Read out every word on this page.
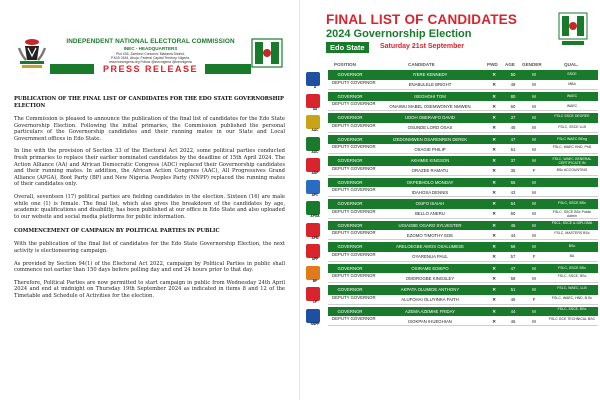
INDEPENDENT NATIONAL ELECTORAL COMMISSION
INEC - HEADQUARTERS
Plot 436, Zambezi Crescent, Maitama District,
P.M.B 0184, Abuja, Federal Capital Territory, Nigeria.
www.inecnigeria.org Follow @inecnigeria @inecnigeria
PRESS RELEASE
PUBLICATION OF THE FINAL LIST OF CANDIDATES FOR THE EDO STATE GOVERNORSHIP ELECTION

The Commission is pleased to announce the publication of the final list of candidates for the Edo State Governorship Election. Following the initial primaries, the Commission published the personal particulars of the Governorship candidates and their running mates in our State and Local Government offices in Edo State.

In line with the provision of Section 33 of the Electoral Act 2022, some political parties conducted fresh primaries to replace their earlier nominated candidates by the deadline of 15th April 2024. The Action Alliance (AA) and African Democratic Congress (ADC) replaced their Governorship candidates and their running mates. In addition, the African Action Congress (AAC), All Progressives Grand Alliance (APGA), Boot Party (BP) and New Nigeria Peoples Party (NNPP) replaced the running mates of their candidates only.

Overall, seventeen (17) political parties are fielding candidates in the election. Sixteen (16) are male while one (1) is female. The final list, which also gives the breakdown of the candidates by age, academic qualifications and disability, has been published at our office in Edo State and also uploaded to our website and social media platforms for public information.

COMMENCEMENT OF CAMPAIGN BY POLITICAL PARTIES IN PUBLIC

With the publication of the final list of candidates for the Edo State Governorship Election, the next activity is electioneering campaign.

As provided by Section 94(1) of the Electoral Act 2022, campaign by Political Parties in public shall commence not earlier than 150 days before polling day and end 24 hours prior to that day.

Therefore, Political Parties are now permitted to start campaign in public from Wednesday 24th April 2024 and end at midnight on Thursday 19th September 2024 as indicated in items 8 and 12 of the Timetable and Schedule of Activities for the election.

FINAL LIST OF CANDIDATES
2024 Governorship Election
Edo State	Saturday 21st September
POSITION	CANDIDATE	PWD AGE GENDER	QUAL.
A
GOVERNOR	IYERE KENNEDY	✕	50	M	SSCE
DEPUTY GOVERNOR	ENABULELE BRIGHT	✕	49	M	MBA
AA
GOVERNOR	ISEGHOHI TOM	✕	80	M	WAEC
DEPUTY GOVERNOR	ONAIWU MABEL OSEMWONYE NMWEN	✕	60	M	WAEC
AAC
GOVERNOR	UDOH OBERAIFO DAVID	✕	37	M	FSLC SSCE DEGREE
DEPUTY GOVERNOR	OSUNDE LORD OSAS	✕	45	M	FSLC, SSCE LLB
ADC
GOVERNOR	IZEDONMWEN OSARENREN DEREK	✕	47	M	FSLC WAEC BEng
DEPUTY GOVERNOR	OSAGIE PHILIP	✕	61	M	FSLC, WAEC HND, PhD
ADP
GOVERNOR	AKHIMIE KINGSON	✕	37	M	FSLC, WAEC GENERAL CERTIFICATE IN
DEPUTY GOVERNOR	ORAZEE RAMATU	✕	35	F	BSc ACCOUNTING
APC
GOVERNOR	OKPEBHOLO MONDAY	✕	55	M
DEPUTY GOVERNOR	IDAHOSA DENNIS	✕	43	M
APGA
GOVERNOR	OSIFO ISAIAH	✕	64	M	FSLC, SSCE BSc
DEPUTY GOVERNOR	BELLO ANERU	✕	60	M	FSLC, SSCE BSc Public Admin
APM
GOVERNOR	UGIAGBE OGARO SYLVESTER	✕	45	M	FSCL, SSCE & DIPLOMA
DEPUTY GOVERNOR	EZOMO TIMOTHY EDE	✕	44	M	FSLC, MASTERS BSc
APP
GOVERNOR	ARELOEGBE AMOS OSALUMESE	✕	56	M	BSc
DEPUTY GOVERNOR	OYARENUA PAUL	✕	57	F	BA
BP
GOVERNOR	OSIRAME EDIEPO	✕	47	M	FSLC, SSCE BSc
DEPUTY GOVERNOR	OMOROGBE KINGSLEY	✕	58	M	FSLC, SSCE, BSc
LP
GOVERNOR	AKPATA OLUMIDE ANTHONY	✕	51	M	FSLC, WAEC, LLB
DEPUTY GOVERNOR	ALUFOHAI OLUYINKA FAITH	✕	46	F	FSLC, WAEC, HND, B.Sc
NNPP
GOVERNOR	AZEMA AZEMHE FRIDAY	✕	44	M	FSLC, SSCE, BSc
DEPUTY GOVERNOR	ISOKPAN IHUEGHIAN	✕	46	M	FSLC GCE TECHNICAL BSC
